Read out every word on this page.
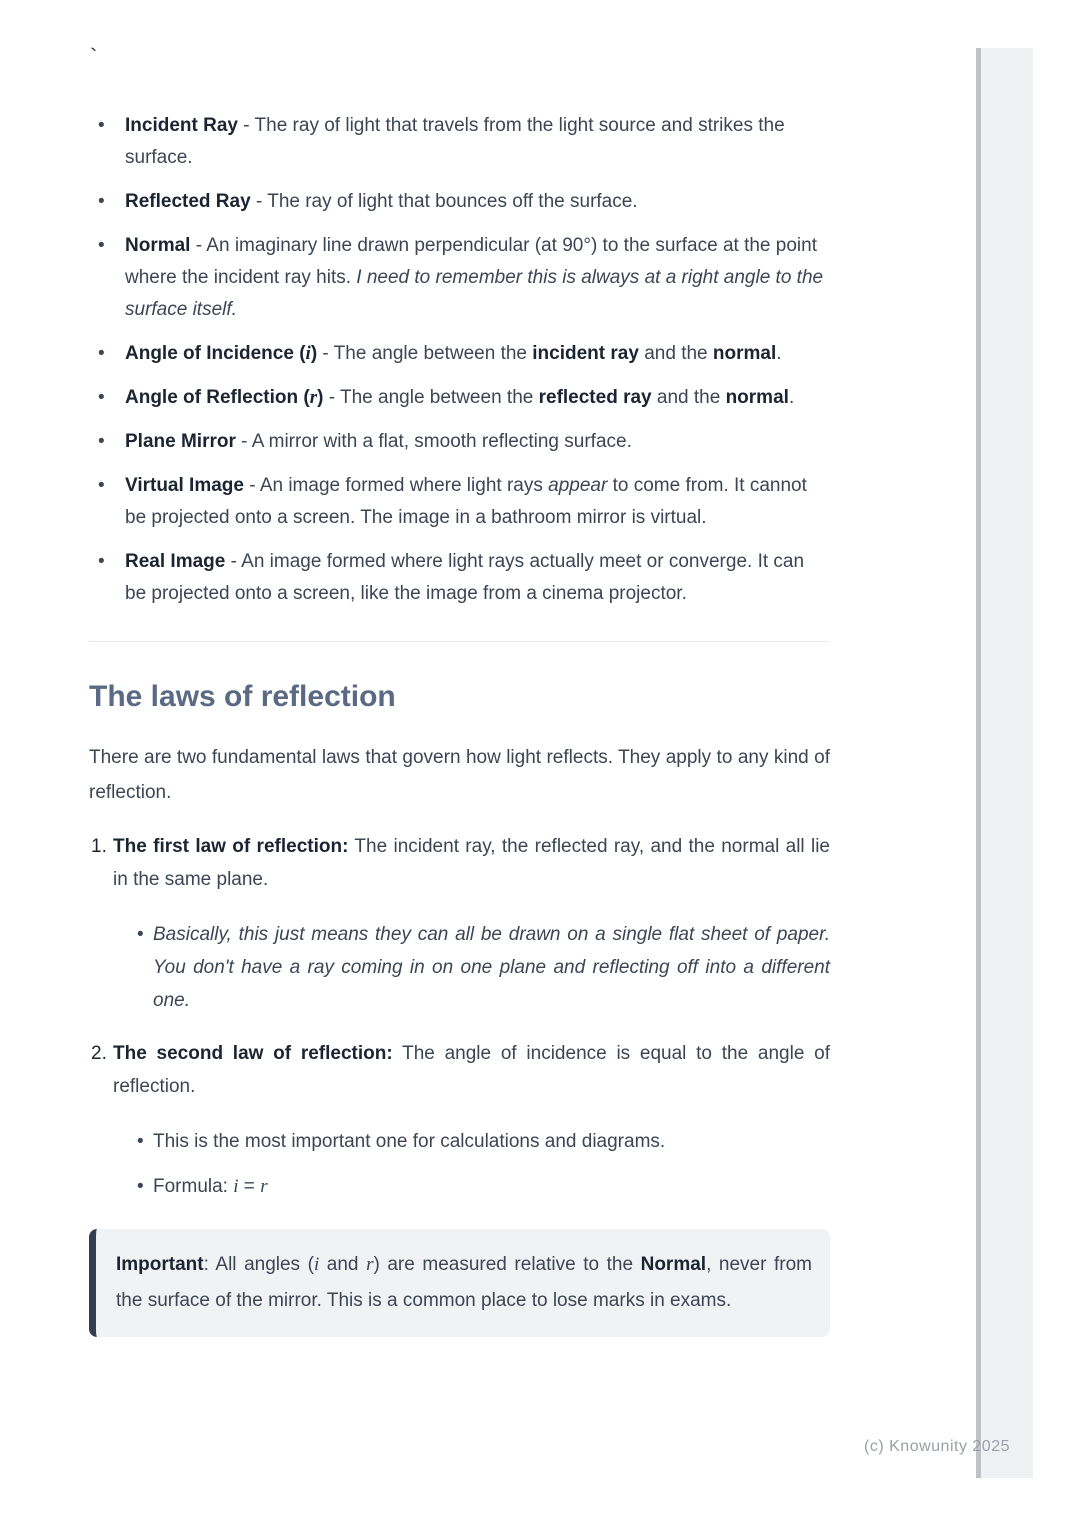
`
•
Incident Ray - The ray of light that travels from the light source and strikes the surface.
•
Reflected Ray - The ray of light that bounces off the surface.
•
Normal - An imaginary line drawn perpendicular (at 90°) to the surface at the point where the incident ray hits. I need to remember this is always at a right angle to the surface itself.
•
Angle of Incidence (i) - The angle between the incident ray and the normal.
•
Angle of Reflection (r) - The angle between the reflected ray and the normal.
•
Plane Mirror - A mirror with a flat, smooth reflecting surface.
•
Virtual Image - An image formed where light rays appear to come from. It cannot be projected onto a screen. The image in a bathroom mirror is virtual.
•
Real Image - An image formed where light rays actually meet or converge. It can be projected onto a screen, like the image from a cinema projector.
The laws of reflection

There are two fundamental laws that govern how light reflects. They apply to any kind of reflection.

1. The first law of reflection: The incident ray, the reflected ray, and the normal all lie in the same plane.
•
Basically, this just means they can all be drawn on a single flat sheet of paper. You don't have a ray coming in on one plane and reflecting off into a different one.
2. The second law of reflection: The angle of incidence is equal to the angle of reflection.
•
This is the most important one for calculations and diagrams.
•
Formula: i = r
Important: All angles (i and r) are measured relative to the Normal, never from the surface of the mirror. This is a common place to lose marks in exams.
(c) Knowunity 2025
